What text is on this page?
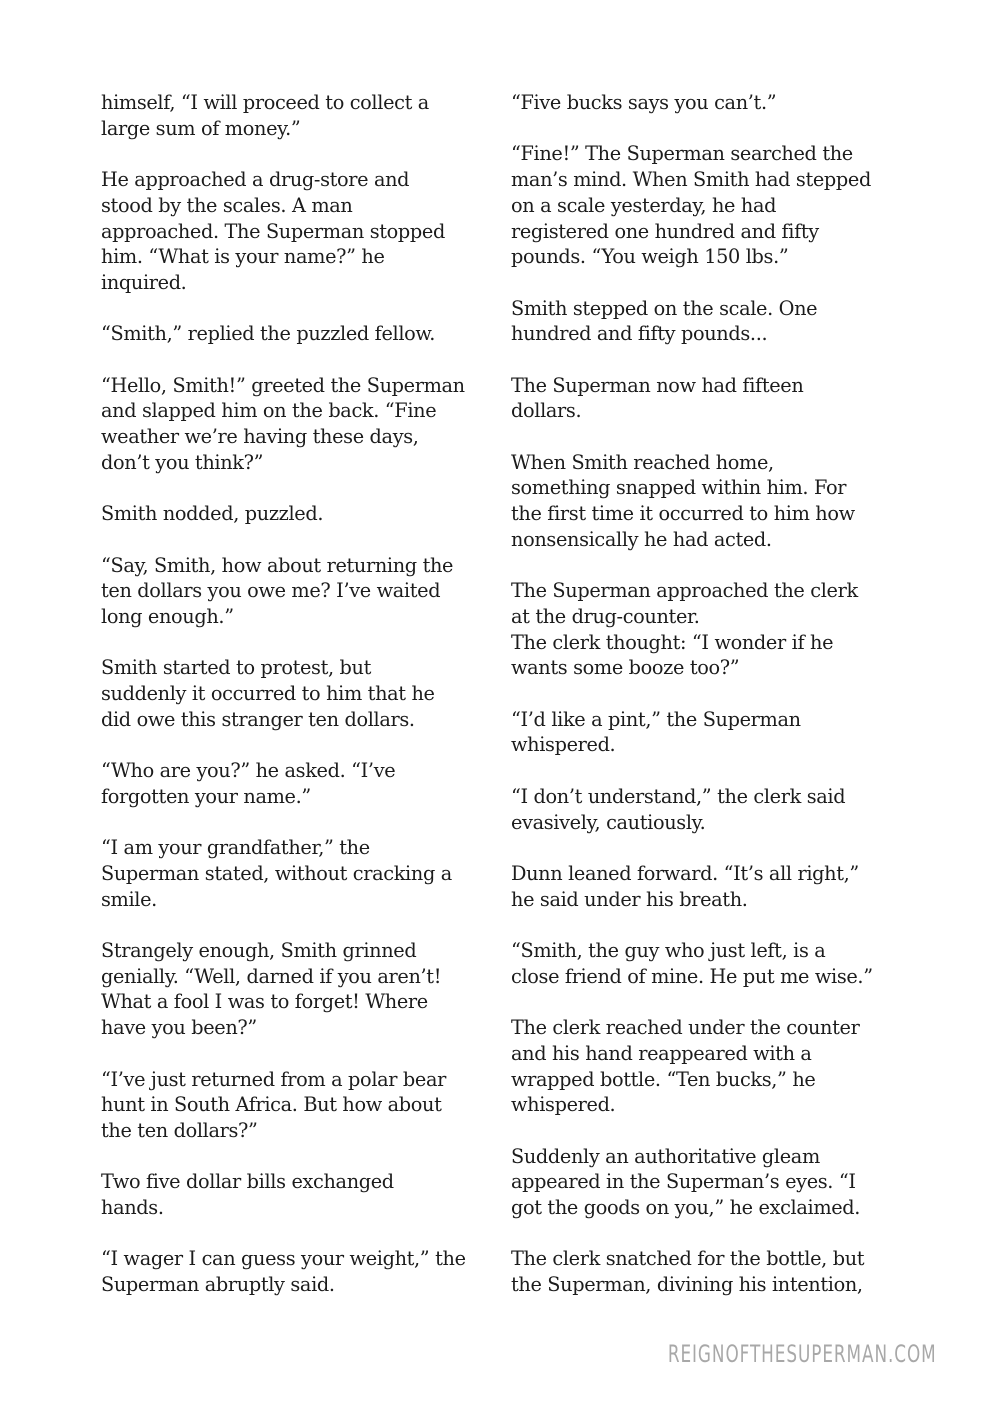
himself, “I will proceed to collect a
large sum of money.”

He approached a drug-store and
stood by the scales. A man
approached. The Superman stopped
him. “What is your name?” he
inquired.

“Smith,” replied the puzzled fellow.

“Hello, Smith!” greeted the Superman
and slapped him on the back. “Fine
weather we’re having these days,
don’t you think?”

Smith nodded, puzzled.

“Say, Smith, how about returning the
ten dollars you owe me? I’ve waited
long enough.”

Smith started to protest, but
suddenly it occurred to him that he
did owe this stranger ten dollars.

“Who are you?” he asked. “I’ve
forgotten your name.”

“I am your grandfather,” the
Superman stated, without cracking a
smile.

Strangely enough, Smith grinned
genially. “Well, darned if you aren’t!
What a fool I was to forget! Where
have you been?”

“I’ve just returned from a polar bear
hunt in South Africa. But how about
the ten dollars?”

Two five dollar bills exchanged
hands.

“I wager I can guess your weight,” the
Superman abruptly said.

“Five bucks says you can’t.”

“Fine!” The Superman searched the
man’s mind. When Smith had stepped
on a scale yesterday, he had
registered one hundred and fifty
pounds. “You weigh 150 lbs.”

Smith stepped on the scale. One
hundred and fifty pounds...

The Superman now had fifteen
dollars.

When Smith reached home,
something snapped within him. For
the first time it occurred to him how
nonsensically he had acted.

The Superman approached the clerk
at the drug-counter.
The clerk thought: “I wonder if he
wants some booze too?”

“I’d like a pint,” the Superman
whispered.

“I don’t understand,” the clerk said
evasively, cautiously.

Dunn leaned forward. “It’s all right,”
he said under his breath.

“Smith, the guy who just left, is a
close friend of mine. He put me wise.”

The clerk reached under the counter
and his hand reappeared with a
wrapped bottle. “Ten bucks,” he
whispered.

Suddenly an authoritative gleam
appeared in the Superman’s eyes. “I
got the goods on you,” he exclaimed.

The clerk snatched for the bottle, but
the Superman, divining his intention,

REIGNOFTHESUPERMAN.COM
